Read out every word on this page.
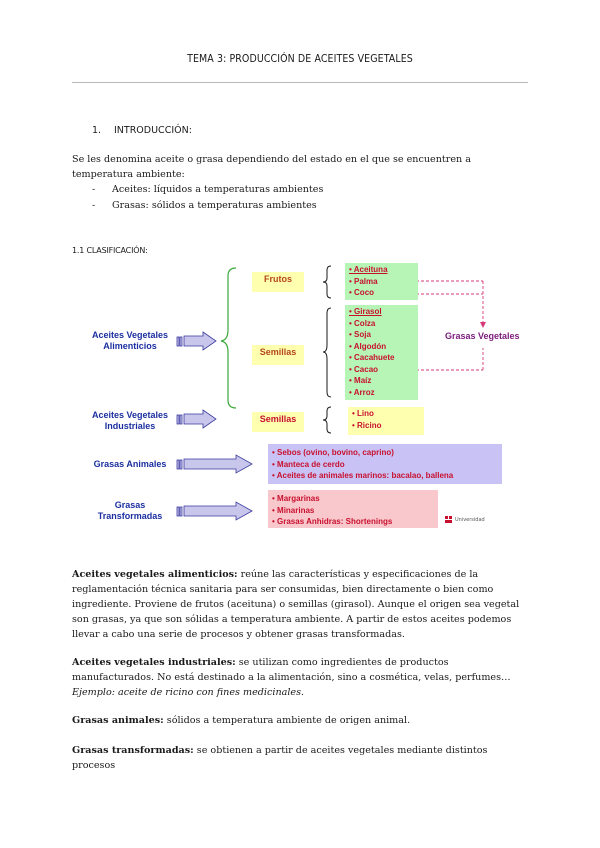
TEMA 3: PRODUCCIÓN DE ACEITES VEGETALES
1. INTRODUCCIÓN:
Se les denomina aceite o grasa dependiendo del estado en el que se encuentren a temperatura ambiente:
- Aceites: líquidos a temperaturas ambientes
- Grasas: sólidos a temperaturas ambientes
1.1 CLASIFICACIÓN:
Aceites Vegetales
Alimenticios
Aceites Vegetales
Industriales
Grasas Animales
Grasas
Transformadas
Frutos
Semillas
Semillas
• Aceituna
• Palma
• Coco
• Girasol
• Colza
• Soja
• Algodón
• Cacahuete
• Cacao
• Maíz
• Arroz
• Lino
• Ricino
• Sebos (ovino, bovino, caprino)
• Manteca de cerdo
• Aceites de animales marinos: bacalao, ballena
• Margarinas
• Minarinas
• Grasas Anhidras: Shortenings
Grasas Vegetales
Universidad
Aceites vegetales alimenticios: reúne las características y especificaciones de la reglamentación técnica sanitaria para ser consumidas, bien directamente o bien como ingrediente. Proviene de frutos (aceituna) o semillas (girasol). Aunque el origen sea vegetal son grasas, ya que son sólidas a temperatura ambiente. A partir de estos aceites podemos llevar a cabo una serie de procesos y obtener grasas transformadas.
Aceites vegetales industriales: se utilizan como ingredientes de productos manufacturados. No está destinado a la alimentación, sino a cosmética, velas, perfumes… Ejemplo: aceite de ricino con fines medicinales.
Grasas animales: sólidos a temperatura ambiente de origen animal.
Grasas transformadas: se obtienen a partir de aceites vegetales mediante distintos procesos
